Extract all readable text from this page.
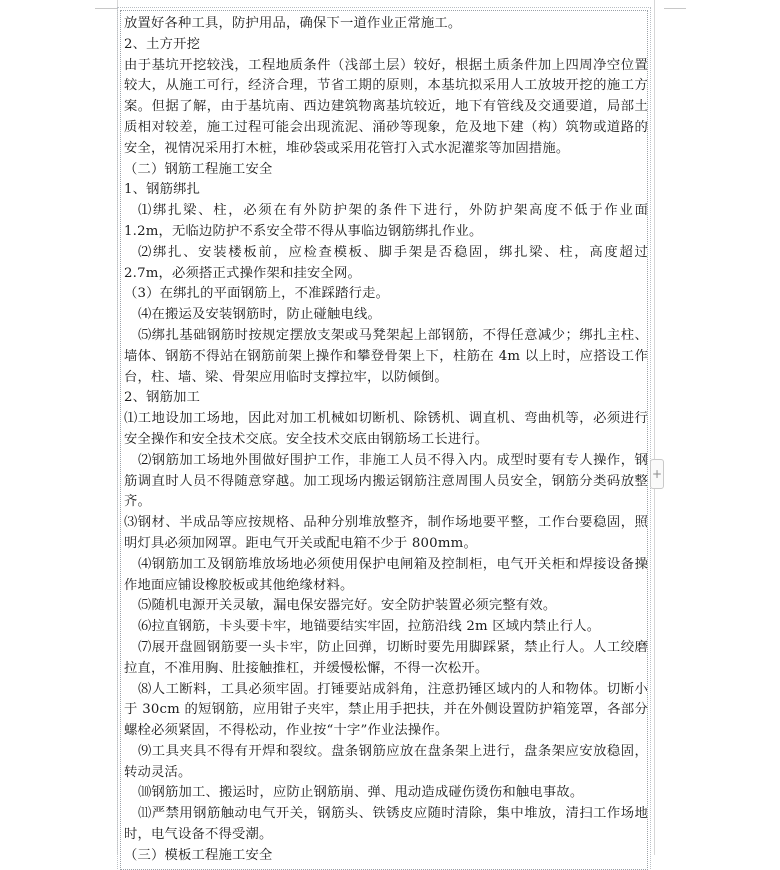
放置好各种工具，防护用品，确保下一道作业正常施工。

2、土方开挖

由于基坑开挖较浅，工程地质条件（浅部土层）较好，根据土质条件加上四周净空位置较大，从施工可行，经济合理，节省工期的原则，本基坑拟采用人工放坡开挖的施工方案。但据了解，由于基坑南、西边建筑物离基坑较近，地下有管线及交通要道，局部土质相对较差，施工过程可能会出现流泥、涌砂等现象，危及地下建（构）筑物或道路的安全，视情况采用打木桩，堆砂袋或采用花管打入式水泥灌浆等加固措施。

（二）钢筋工程施工安全

1、钢筋绑扎

⑴绑扎梁、柱，必须在有外防护架的条件下进行，外防护架高度不低于作业面 1.2m，无临边防护不系安全带不得从事临边钢筋绑扎作业。

⑵绑扎、安装楼板前，应检查模板、脚手架是否稳固，绑扎梁、柱，高度超过 2.7m，必须搭正式操作架和挂安全网。

（3）在绑扎的平面钢筋上，不准踩踏行走。

⑷在搬运及安装钢筋时，防止碰触电线。

⑸绑扎基础钢筋时按规定摆放支架或马凳架起上部钢筋，不得任意减少；绑扎主柱、墙体、钢筋不得站在钢筋前架上操作和攀登骨架上下，柱筋在 4m 以上时，应搭设工作台，柱、墙、梁、骨架应用临时支撑拉牢，以防倾倒。

2、钢筋加工

⑴工地设加工场地，因此对加工机械如切断机、除锈机、调直机、弯曲机等，必须进行安全操作和安全技术交底。安全技术交底由钢筋场工长进行。

⑵钢筋加工场地外围做好围护工作，非施工人员不得入内。成型时要有专人操作，钢筋调直时人员不得随意穿越。加工现场内搬运钢筋注意周围人员安全，钢筋分类码放整齐。

⑶钢材、半成品等应按规格、品种分别堆放整齐，制作场地要平整，工作台要稳固，照明灯具必须加网罩。距电气开关或配电箱不少于 800mm。

⑷钢筋加工及钢筋堆放场地必须使用保护电闸箱及控制柜，电气开关柜和焊接设备操作地面应铺设橡胶板或其他绝缘材料。

⑸随机电源开关灵敏，漏电保安器完好。安全防护装置必须完整有效。

⑹拉直钢筋，卡头要卡牢，地锚要结实牢固，拉筋沿线 2m 区域内禁止行人。

⑺展开盘圆钢筋要一头卡牢，防止回弹，切断时要先用脚踩紧，禁止行人。人工绞磨拉直，不准用胸、肚接触推杠，并缓慢松懈，不得一次松开。

⑻人工断料，工具必须牢固。打锤要站成斜角，注意扔锤区域内的人和物体。切断小于 30cm 的短钢筋，应用钳子夹牢，禁止用手把扶，并在外侧设置防护箱笼罩，各部分螺栓必须紧固，不得松动，作业按“十字”作业法操作。

⑼工具夹具不得有开焊和裂纹。盘条钢筋应放在盘条架上进行，盘条架应安放稳固，转动灵活。

⑽钢筋加工、搬运时，应防止钢筋崩、弹、甩动造成碰伤烫伤和触电事故。

⑾严禁用钢筋触动电气开关，钢筋头、铁锈皮应随时清除，集中堆放，清扫工作场地时，电气设备不得受潮。

（三）模板工程施工安全

+
